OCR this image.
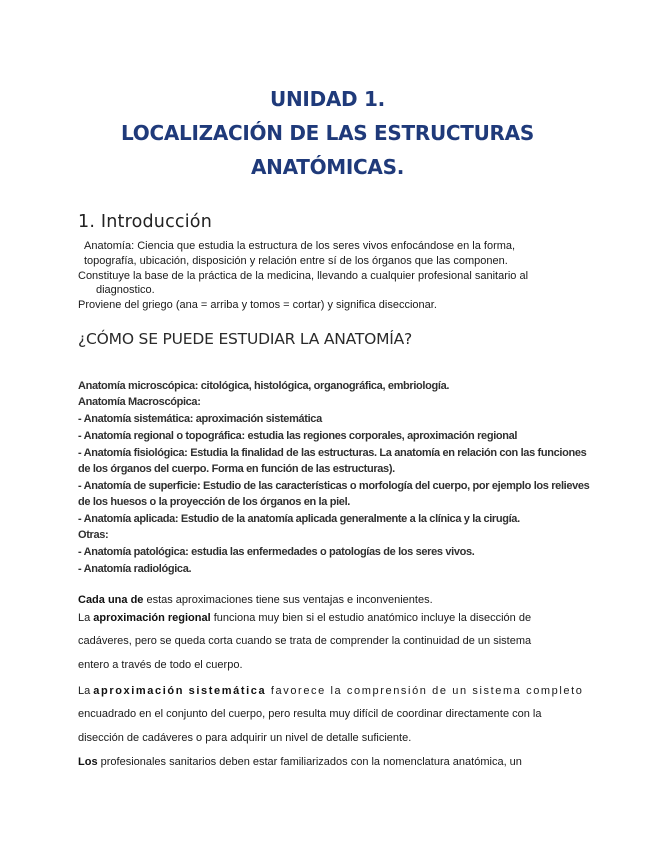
UNIDAD 1.
LOCALIZACIÓN DE LAS ESTRUCTURAS
ANATÓMICAS.
1. Introducción
Anatomía: Ciencia que estudia la estructura de los seres vivos enfocándose en la forma,
topografía, ubicación, disposición y relación entre sí de los órganos que las componen.
Constituye la base de la práctica de la medicina, llevando a cualquier profesional sanitario al
diagnostico.
Proviene del griego (ana = arriba y tomos = cortar) y significa diseccionar.
¿CÓMO SE PUEDE ESTUDIAR LA ANATOMÍA?
Anatomía microscópica: citológica, histológica, organográfica, embriología.
Anatomía Macroscópica:
- Anatomía sistemática: aproximación sistemática
- Anatomía regional o topográfica: estudia las regiones corporales, aproximación regional
- Anatomía fisiológica: Estudia la finalidad de las estructuras. La anatomía en relación con las funciones
de los órganos del cuerpo. Forma en función de las estructuras).
- Anatomía de superficie: Estudio de las características o morfología del cuerpo, por ejemplo los relieves
de los huesos o la proyección de los órganos en la piel.
- Anatomía aplicada: Estudio de la anatomía aplicada generalmente a la clínica y la cirugía.
Otras:
- Anatomía patológica: estudia las enfermedades o patologías de los seres vivos.
- Anatomía radiológica.
Cada una de estas aproximaciones tiene sus ventajas e inconvenientes.
La aproximación regional funciona muy bien si el estudio anatómico incluye la disección de
cadáveres, pero se queda corta cuando se trata de comprender la continuidad de un sistema
entero a través de todo el cuerpo.
La aproximación sistemática favorece la comprensión de un sistema completo
encuadrado en el conjunto del cuerpo, pero resulta muy difícil de coordinar directamente con la
disección de cadáveres o para adquirir un nivel de detalle suficiente.
Los profesionales sanitarios deben estar familiarizados con la nomenclatura anatómica, un
